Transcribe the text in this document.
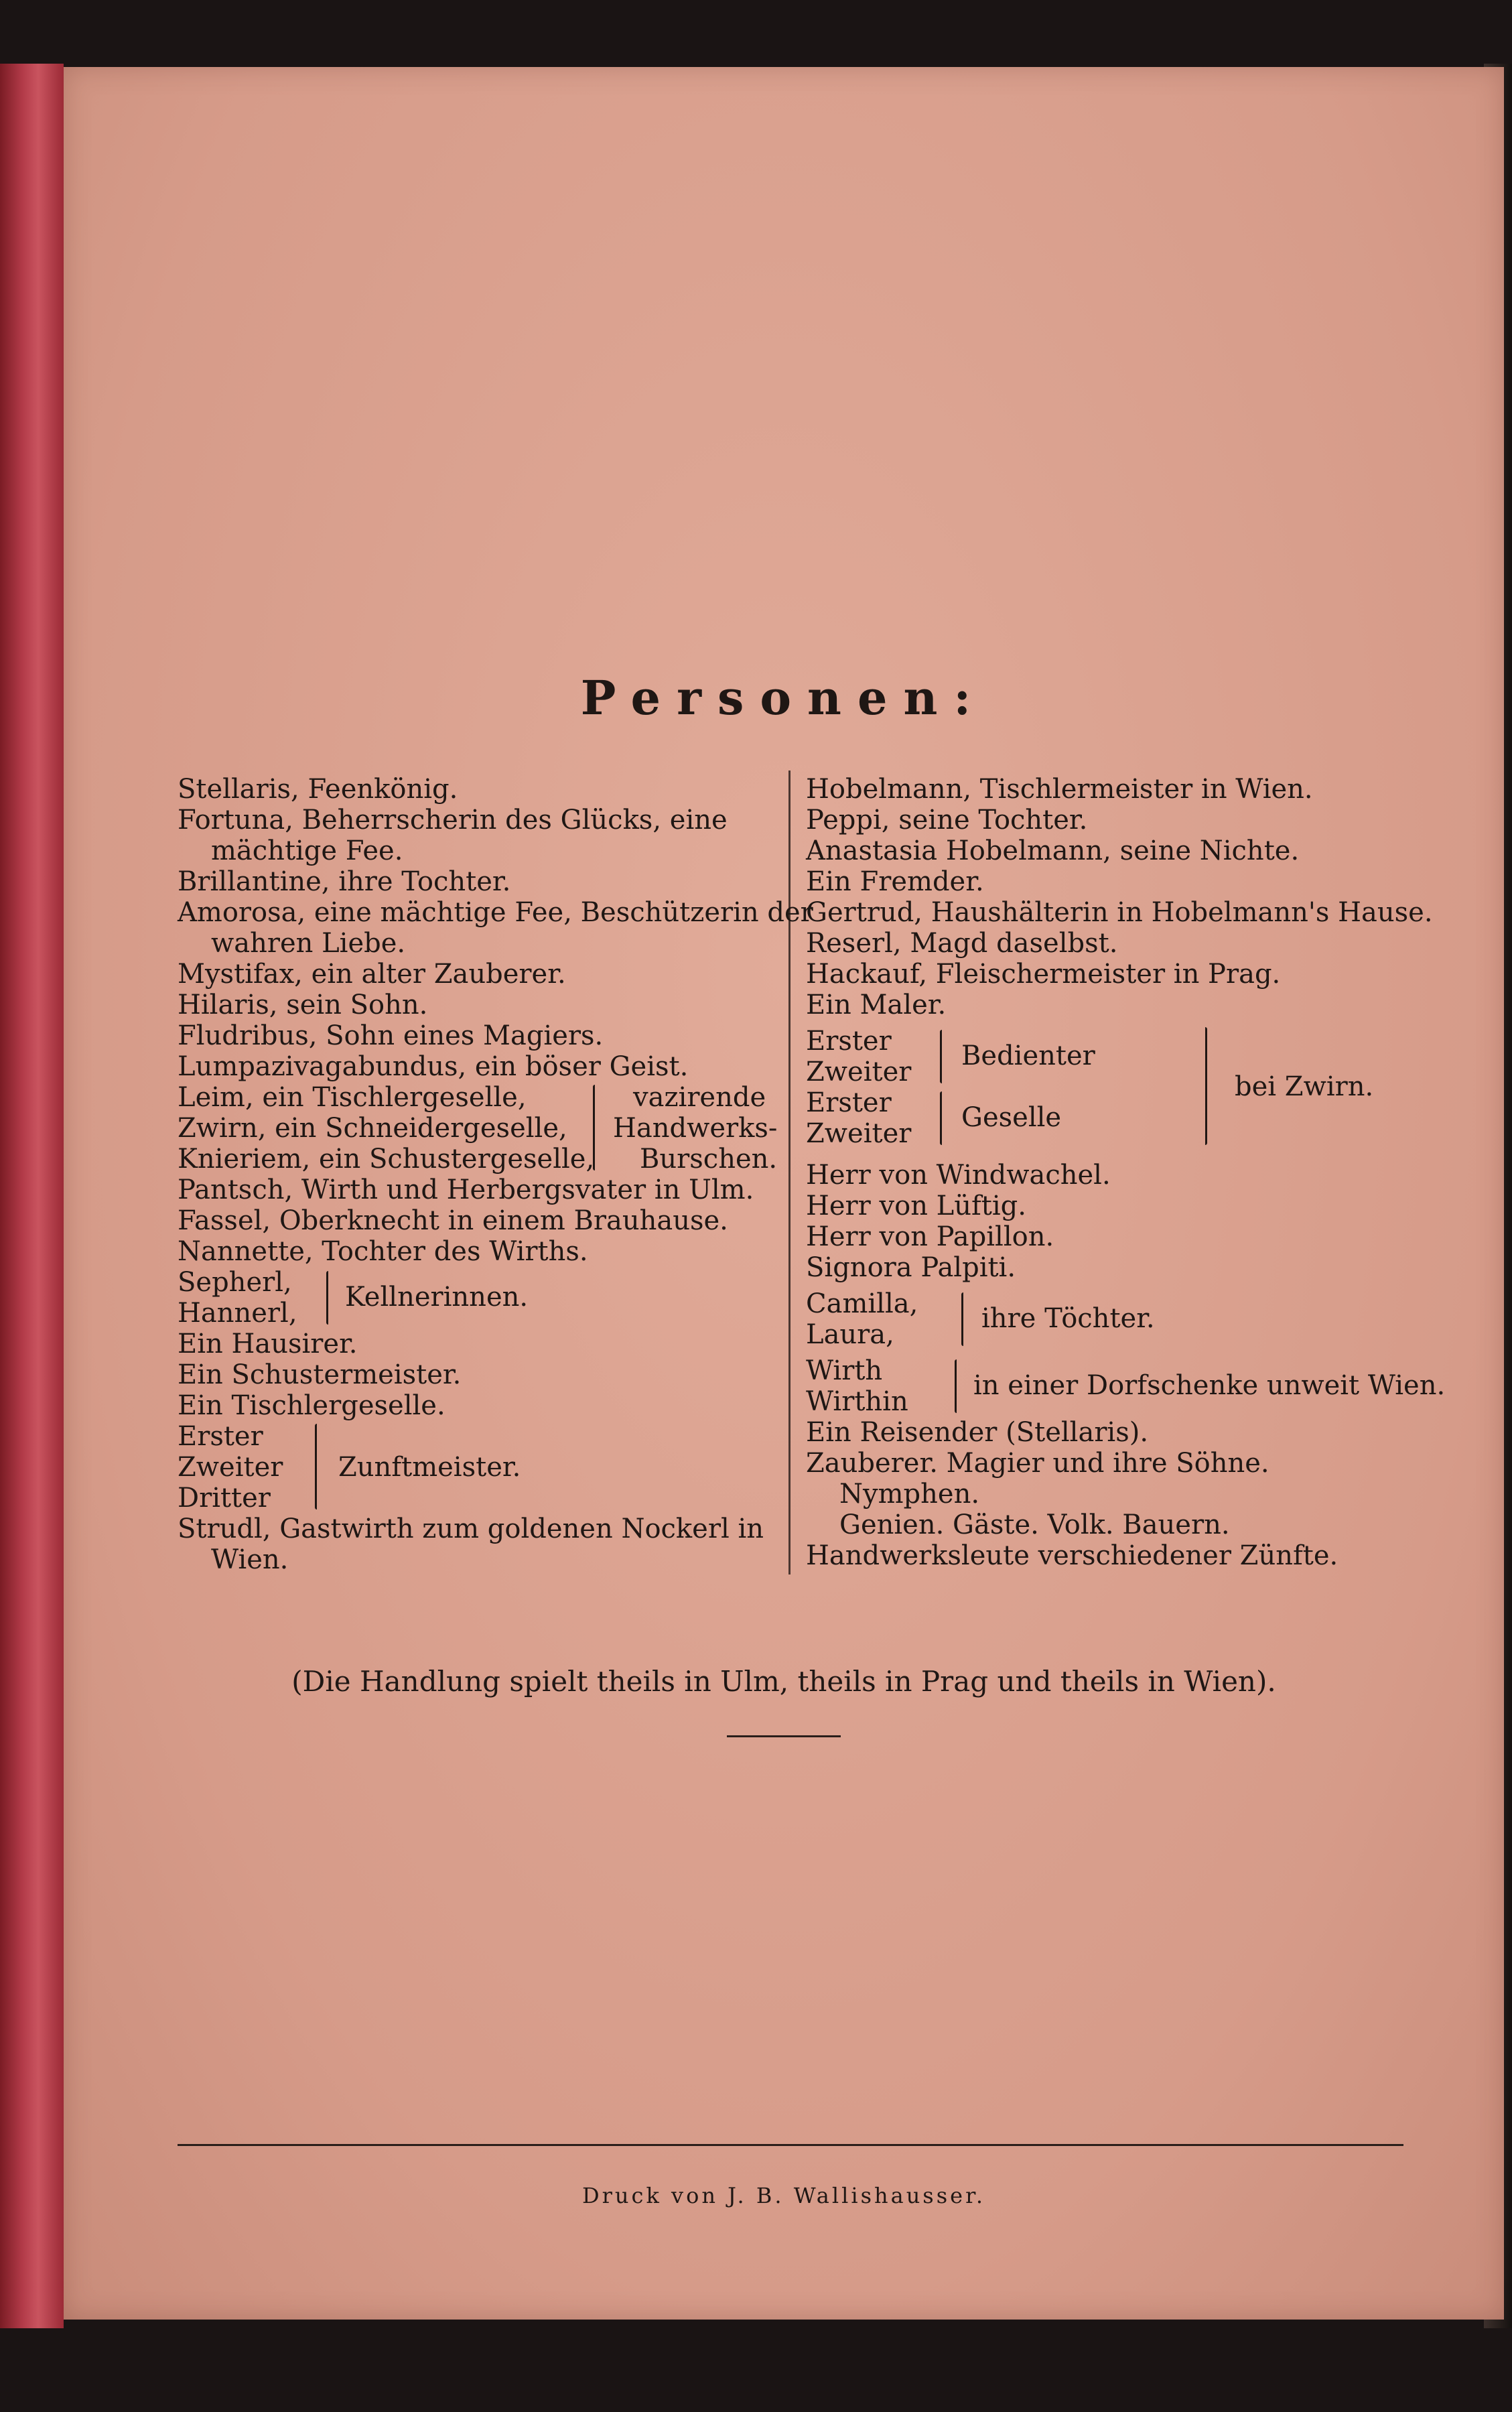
Personen:
Stellaris, Feenkönig.
Fortuna, Beherrscherin des Glücks, eine
mächtige Fee.
Brillantine, ihre Tochter.
Amorosa, eine mächtige Fee, Beschützerin der
wahren Liebe.
Mystifax, ein alter Zauberer.
Hilaris, sein Sohn.
Fludribus, Sohn eines Magiers.
Lumpazivagabundus, ein böser Geist.
Leim, ein Tischlergeselle,
Zwirn, ein Schneidergeselle,
Knieriem, ein Schustergeselle,
vazirende
Handwerks-
Burschen.
Pantsch, Wirth und Herbergsvater in Ulm.
Fassel, Oberknecht in einem Brauhause.
Nannette, Tochter des Wirths.
Sepherl,
Hannerl,
Kellnerinnen.
Ein Hausirer.
Ein Schustermeister.
Ein Tischlergeselle.
Erster
Zweiter
Dritter
Zunftmeister.
Strudl, Gastwirth zum goldenen Nockerl in
Wien.
Hobelmann, Tischlermeister in Wien.
Peppi, seine Tochter.
Anastasia Hobelmann, seine Nichte.
Ein Fremder.
Gertrud, Haushälterin in Hobelmann's Hause.
Reserl, Magd daselbst.
Hackauf, Fleischermeister in Prag.
Ein Maler.
Erster
Zweiter
Erster
Zweiter
Bedienter
Geselle
bei Zwirn.
Herr von Windwachel.
Herr von Lüftig.
Herr von Papillon.
Signora Palpiti.
Camilla,
Laura,
ihre Töchter.
Wirth
Wirthin
in einer Dorfschenke unweit Wien.
Ein Reisender (Stellaris).
Zauberer. Magier und ihre Söhne.
Nymphen.
Genien. Gäste. Volk. Bauern.
Handwerksleute verschiedener Zünfte.
(Die Handlung spielt theils in Ulm, theils in Prag und theils in Wien).
Druck von J. B. Wallishausser.
